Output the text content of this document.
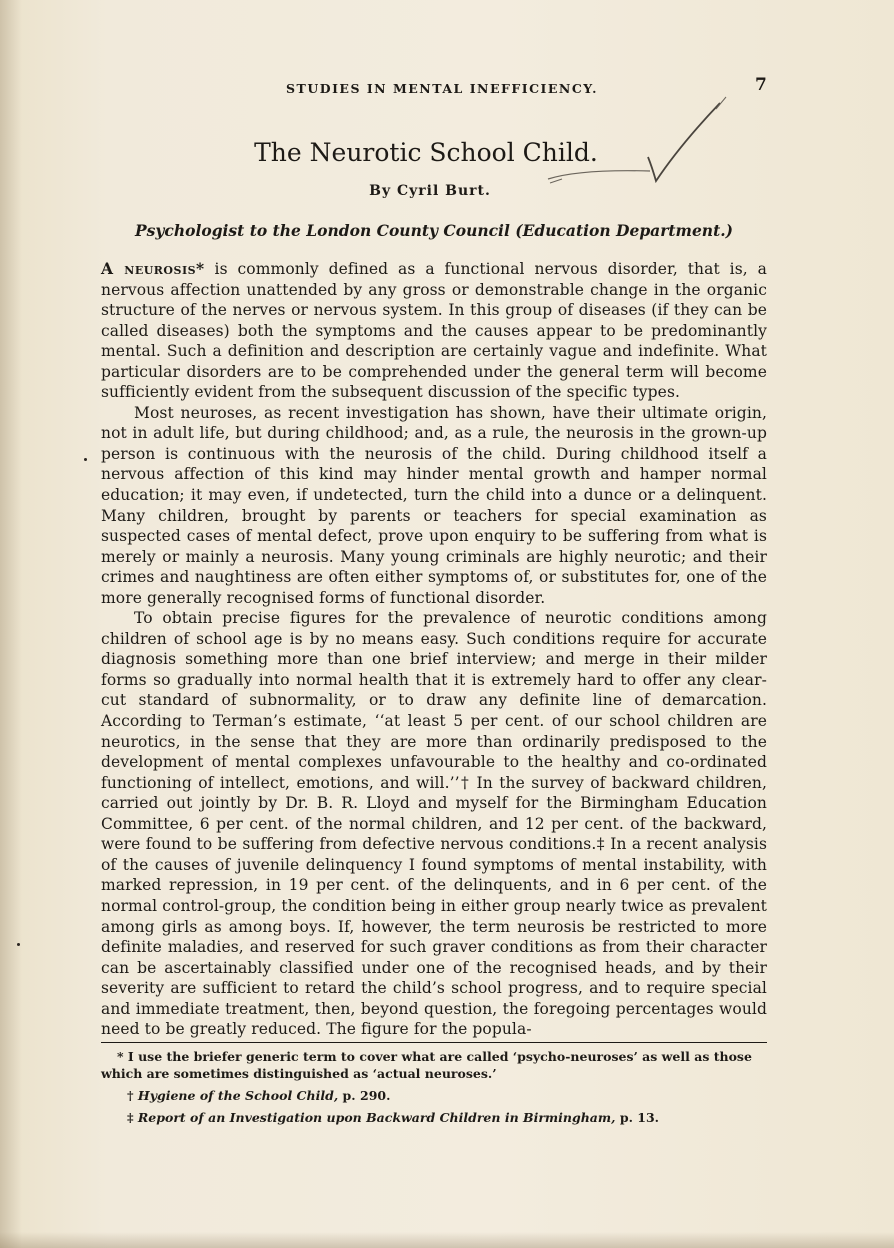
STUDIES IN MENTAL INEFFICIENCY.	7
The Neurotic School Child.
By Cyril Burt.
Psychologist to the London County Council (Education Department.)

A neurosis* is commonly defined as a functional nervous disorder, that is, a nervous affection unattended by any gross or demonstrable change in the organic structure of the nerves or nervous system. In this group of diseases (if they can be called diseases) both the symptoms and the causes appear to be predominantly mental. Such a definition and description are certainly vague and indefinite. What particular disorders are to be comprehended under the general term will become sufficiently evident from the subsequent discussion of the specific types.

Most neuroses, as recent investigation has shown, have their ultimate origin, not in adult life, but during childhood; and, as a rule, the neurosis in the grown-up person is continuous with the neurosis of the child. During childhood itself a nervous affection of this kind may hinder mental growth and hamper normal education; it may even, if undetected, turn the child into a dunce or a delinquent. Many children, brought by parents or teachers for special examination as suspected cases of mental defect, prove upon enquiry to be suffering from what is merely or mainly a neurosis. Many young criminals are highly neurotic; and their crimes and naughtiness are often either symptoms of, or substitutes for, one of the more generally recognised forms of functional disorder.

To obtain precise figures for the prevalence of neurotic conditions among children of school age is by no means easy. Such conditions require for accurate diagnosis something more than one brief interview; and merge in their milder forms so gradually into normal health that it is extremely hard to offer any clear-cut standard of subnormality, or to draw any definite line of demarcation. According to Terman’s estimate, ‘‘at least 5 per cent. of our school children are neurotics, in the sense that they are more than ordinarily predisposed to the development of mental complexes unfavourable to the healthy and co-ordinated functioning of intellect, emotions, and will.’’† In the survey of backward children, carried out jointly by Dr. B. R. Lloyd and myself for the Birmingham Education Committee, 6 per cent. of the normal children, and 12 per cent. of the backward, were found to be suffering from defective nervous conditions.‡ In a recent analysis of the causes of juvenile delinquency I found symptoms of mental instability, with marked repression, in 19 per cent. of the delinquents, and in 6 per cent. of the normal control-group, the condition being in either group nearly twice as prevalent among girls as among boys. If, however, the term neurosis be restricted to more definite maladies, and reserved for such graver conditions as from their character can be ascertainably classified under one of the recognised heads, and by their severity are sufficient to retard the child’s school progress, and to require special and immediate treatment, then, beyond question, the foregoing percentages would need to be greatly reduced. The figure for the popula-

* I use the briefer generic term to cover what are called ‘psycho-neuroses’ as well as those which are sometimes distinguished as ‘actual neuroses.’

† Hygiene of the School Child, p. 290.

‡ Report of an Investigation upon Backward Children in Birmingham, p. 13.
